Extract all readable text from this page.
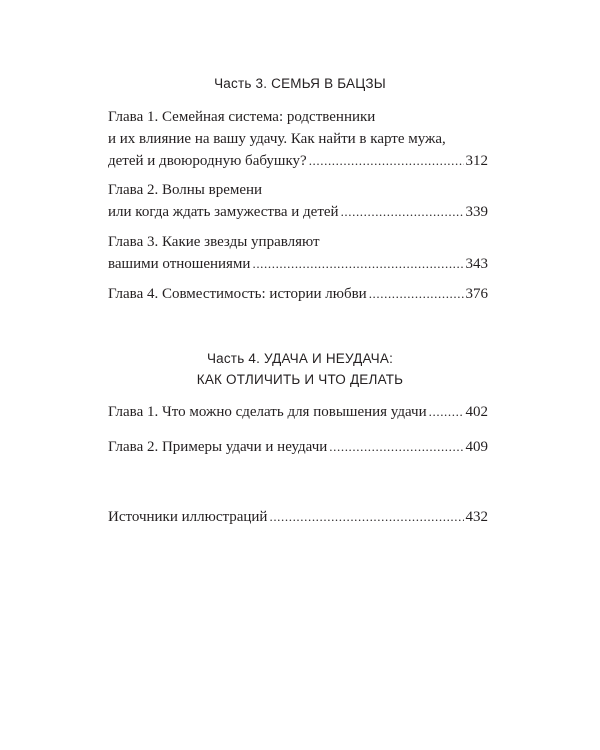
Часть 3. СЕМЬЯ В БАЦЗЫ
Глава 1. Семейная система: родственники
и их влияние на вашу удачу. Как найти в карте мужа,
детей и двоюродную бабушку? .....	312
Глава 2. Волны времени
или когда ждать замужества и детей .....	339
Глава 3. Какие звезды управляют
вашими отношениями .....	343
Глава 4. Совместимость: истории любви .....	376
Часть 4. УДАЧА И НЕУДАЧА:
КАК ОТЛИЧИТЬ И ЧТО ДЕЛАТЬ
Глава 1. Что можно сделать для повышения удачи .....	402
Глава 2. Примеры удачи и неудачи .....	409
Источники иллюстраций .....	432
